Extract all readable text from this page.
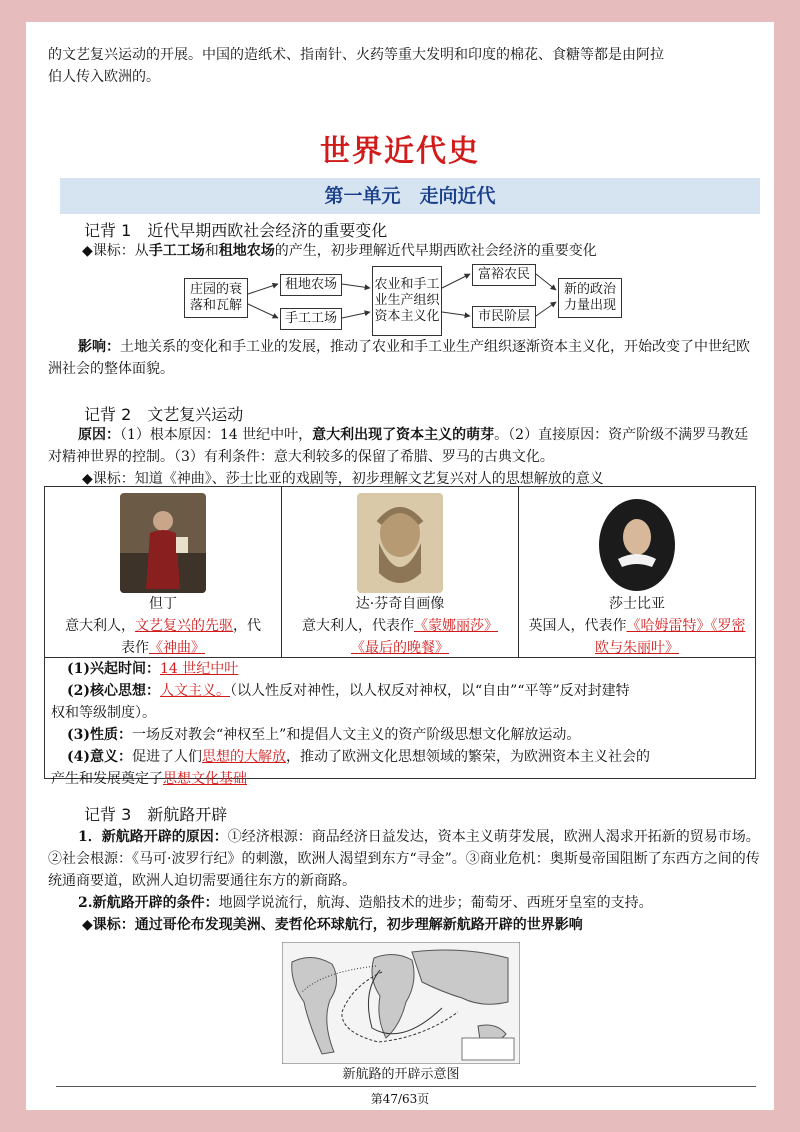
的文艺复兴运动的开展。中国的造纸术、指南针、火药等重大发明和印度的棉花、食糖等都是由阿拉
伯人传入欧洲的。
世界近代史
第一单元　走向近代
记背 1　近代早期西欧社会经济的重要变化
◆课标：从手工工场和租地农场的产生，初步理解近代早期西欧社会经济的重要变化
庄园的衰落和瓦解
租地农场
手工工场
农业和手工业生产组织资本主义化
富裕农民
市民阶层
新的政治力量出现
影响：土地关系的变化和手工业的发展，推动了农业和手工业生产组织逐渐资本主义化，开始改变了中世纪欧洲社会的整体面貌。
记背 2　文艺复兴运动
原因：（1）根本原因：14 世纪中叶，意大利出现了资本主义的萌芽。（2）直接原因：资产阶级不满罗马教廷对精神世界的控制。（3）有利条件：意大利较多的保留了希腊、罗马的古典文化。
◆课标：知道《神曲》、莎士比亚的戏剧等，初步理解文艺复兴对人的思想解放的意义
但丁
意大利人，文艺复兴的先驱，代
表作《神曲》
达·芬奇自画像
意大利人，代表作《蒙娜丽莎》
《最后的晚餐》
莎士比亚
英国人，代表作《哈姆雷特》《罗密
欧与朱丽叶》
(1)兴起时间：14 世纪中叶
(2)核心思想：人文主义。（以人性反对神性，以人权反对神权，以“自由”“平等”反对封建特
权和等级制度）。
(3)性质：一场反对教会“神权至上”和提倡人文主义的资产阶级思想文化解放运动。
(4)意义：促进了人们思想的大解放，推动了欧洲文化思想领域的繁荣，为欧洲资本主义社会的
产生和发展奠定了思想文化基础
记背 3　新航路开辟
1．新航路开辟的原因：①经济根源：商品经济日益发达，资本主义萌芽发展，欧洲人渴求开拓新的贸易市场。②社会根源：《马可·波罗行纪》的刺激，欧洲人渴望到东方“寻金”。③商业危机：奥斯曼帝国阻断了东西方之间的传统通商要道，欧洲人迫切需要通往东方的新商路。
2.新航路开辟的条件：地圆学说流行，航海、造船技术的进步；葡萄牙、西班牙皇室的支持。
◆课标：通过哥伦布发现美洲、麦哲伦环球航行，初步理解新航路开辟的世界影响
新航路的开辟示意图
第47/63页
